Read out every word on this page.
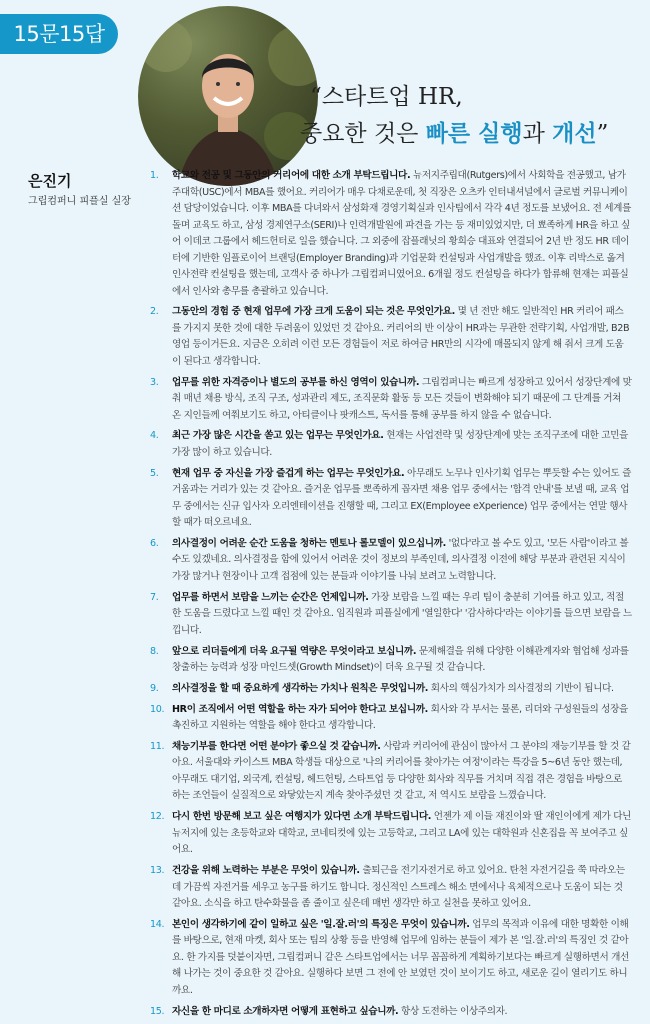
15문15답
“스타트업 HR,
중요한 것은 빠른 실행과 개선”
은진기
그립컴퍼니 피플실 실장
1. 학교와 전공 및 그동안의 커리어에 대한 소개 부탁드립니다. 뉴저지주립대(Rutgers)에서 사회학을 전공했고, 남가주대학(USC)에서 MBA를 했어요. 커리어가 매우 다채로운데, 첫 직장은 오츠카 인터내셔널에서 글로벌 커뮤니케이션 담당이었습니다. 이후 MBA를 다녀와서 삼성화재 경영기획실과 인사팀에서 각각 4년 정도를 보냈어요. 전 세계를 돌며 교육도 하고, 삼성 경제연구소(SERI)나 인력개발원에 파견을 가는 등 재미있었지만, 더 뾰족하게 HR을 하고 싶어 이데코 그룹에서 헤드헌터로 일을 했습니다. 그 외중에 잡플래닛의 황희승 대표와 연결되어 2년 반 정도 HR 데이터에 기반한 임플로이어 브랜딩(Employer Branding)과 기업문화 컨설팅과 사업개발을 했죠. 이후 리박스로 옮겨 인사전략 컨설팅을 했는데, 고객사 중 하나가 그립컴퍼니였어요. 6개월 정도 컨설팅을 하다가 합류해 현재는 피플실에서 인사와 총무를 총괄하고 있습니다.
2. 그동안의 경험 중 현재 업무에 가장 크게 도움이 되는 것은 무엇인가요. 몇 년 전만 해도 일반적인 HR 커리어 패스를 가지지 못한 것에 대한 두려움이 있었던 것 같아요. 커리어의 반 이상이 HR과는 무관한 전략기획, 사업개발, B2B 영업 등이거든요. 지금은 오히려 이런 모든 경험들이 저로 하여금 HR만의 시각에 매몰되지 않게 해 줘서 크게 도움이 된다고 생각합니다.
3. 업무를 위한 자격증이나 별도의 공부를 하신 영역이 있습니까. 그립컴퍼니는 빠르게 성장하고 있어서 성장단계에 맞춰 매년 채용 방식, 조직 구조, 성과관리 제도, 조직문화 활동 등 모든 것들이 변화해야 되기 때문에 그 단계를 거쳐 온 지인들께 여쭤보기도 하고, 아티클이나 팟캐스트, 독서를 통해 공부를 하지 않을 수 없습니다.
4. 최근 가장 많은 시간을 쏟고 있는 업무는 무엇인가요. 현재는 사업전략 및 성장단계에 맞는 조직구조에 대한 고민을 가장 많이 하고 있습니다.
5. 현재 업무 중 자신을 가장 즐겁게 하는 업무는 무엇인가요. 아무래도 노무나 인사기획 업무는 뿌듯할 수는 있어도 즐거움과는 거리가 있는 것 같아요. 즐거운 업무를 뽀족하게 꼽자면 채용 업무 중에서는 '합격 안내'를 보낼 때, 교육 업무 중에서는 신규 입사자 오리엔테이션을 진행할 때, 그리고 EX(Employee eXperience) 업무 중에서는 연말 행사할 때가 떠오르네요.
6. 의사결정이 어려운 순간 도움을 청하는 멘토나 롤모델이 있으십니까. '없다'라고 볼 수도 있고, '모든 사람'이라고 볼 수도 있겠네요. 의사결정을 함에 있어서 어려운 것이 정보의 부족인데, 의사결정 이전에 해당 부분과 관련된 지식이 가장 많거나 현장이나 고객 접점에 있는 분들과 이야기를 나눠 보려고 노력합니다.
7. 업무를 하면서 보람을 느끼는 순간은 언제입니까. 가장 보람을 느낄 때는 우리 팀이 충분히 기여를 하고 있고, 적절한 도움을 드렸다고 느낄 때인 것 같아요. 임직원과 피플실에게 '열일한다' '감사하다'라는 이야기를 들으면 보람을 느낍니다.
8. 앞으로 리더들에게 더욱 요구될 역량은 무엇이라고 보십니까. 문제해결을 위해 다양한 이해관계자와 협업해 성과를 창출하는 능력과 성장 마인드셋(Growth Mindset)이 더욱 요구될 것 같습니다.
9. 의사결정을 할 때 중요하게 생각하는 가치나 원칙은 무엇입니까. 회사의 핵심가치가 의사결정의 기반이 됩니다.
10. HR이 조직에서 어떤 역할을 하는 자가 되어야 한다고 보십니까. 회사와 각 부서는 물론, 리더와 구성원들의 성장을 촉진하고 지원하는 역할을 해야 한다고 생각합니다.
11. 채능기부를 한다면 어떤 분야가 좋으실 것 같습니까. 사람과 커리어에 관심이 많아서 그 분야의 재능기부를 할 것 같아요. 서울대와 카이스트 MBA 학생들 대상으로 '나의 커리어를 찾아가는 여정'이라는 특강을 5~6년 동안 했는데, 아무래도 대기업, 외국계, 컨설팅, 헤드헌팅, 스타트업 등 다양한 회사와 직무를 거치며 직접 겪은 경험을 바탕으로 하는 조언들이 실질적으로 와닿았는지 계속 찾아주셨던 것 같고, 저 역시도 보람을 느꼈습니다.
12. 다시 한번 방문해 보고 싶은 여행지가 있다면 소개 부탁드립니다. 언젠가 제 이들 재진이와 딸 재인이에게 제가 다닌 뉴저지에 있는 초등학교와 대학교, 코네티컷에 있는 고등학교, 그리고 LA에 있는 대학원과 신혼집을 꼭 보여주고 싶어요.
13. 건강을 위해 노력하는 부분은 무엇이 있습니까. 출퇴근을 전기자전거로 하고 있어요. 탄천 자전거길을 쭉 따라오는데 가끔씩 자전거를 세우고 농구를 하기도 합니다. 정신적인 스트레스 해소 면에서나 육체적으로나 도움이 되는 것 같아요. 소식을 하고 탄수화물을 좀 줄이고 싶은데 매번 생각만 하고 실천을 못하고 있어요.
14. 본인이 생각하기에 같이 일하고 싶은 '일.잘.러'의 특징은 무엇이 있습니까. 업무의 목적과 이유에 대한 명확한 이해를 바탕으로, 현재 마켓, 회사 또는 팀의 상황 등을 반영해 업무에 임하는 분들이 제가 본 '일.잘.러'의 특징인 것 같아요. 한 가지를 덧붙이자면, 그립컴퍼니 같은 스타트업에서는 너무 꼼꼼하게 계획하기보다는 빠르게 실행하면서 개선해 나가는 것이 중요한 것 같아요. 실행하다 보면 그 전에 안 보였던 것이 보이기도 하고, 새로운 길이 열리기도 하니까요.
15. 자신을 한 마디로 소개하자면 어떻게 표현하고 싶습니까. 항상 도전하는 이상주의자.
